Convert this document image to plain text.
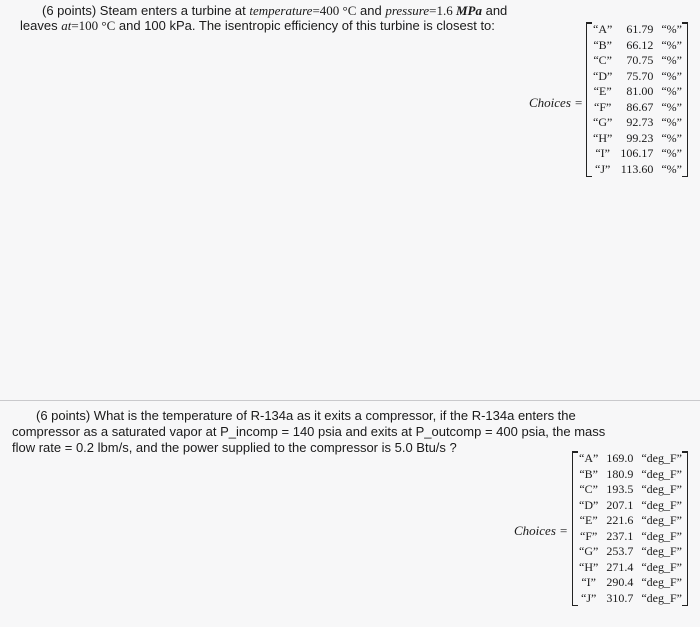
(6 points) Steam enters a turbine at temperature=400 °C and pressure=1.6 MPa and
leaves at=100 °C and 100 kPa. The isentropic efficiency of this turbine is closest to:
Choices =
“A”	61.79	“%”
“B”	66.12	“%”
“C”	70.75	“%”
“D”	75.70	“%”
“E”	81.00	“%”
“F”	86.67	“%”
“G”	92.73	“%”
“H”	99.23	“%”
“I”	106.17	“%”
“J”	113.60	“%”
(6 points) What is the temperature of R-134a as it exits a compressor, if the R-134a enters the
compressor as a saturated vapor at P_incomp = 140 psia and exits at P_outcomp = 400 psia, the mass
flow rate = 0.2 lbm/s, and the power supplied to the compressor is 5.0 Btu/s ?
Choices =
“A”	169.0	“deg_F”
“B”	180.9	“deg_F”
“C”	193.5	“deg_F”
“D”	207.1	“deg_F”
“E”	221.6	“deg_F”
“F”	237.1	“deg_F”
“G”	253.7	“deg_F”
“H”	271.4	“deg_F”
“I”	290.4	“deg_F”
“J”	310.7	“deg_F”
